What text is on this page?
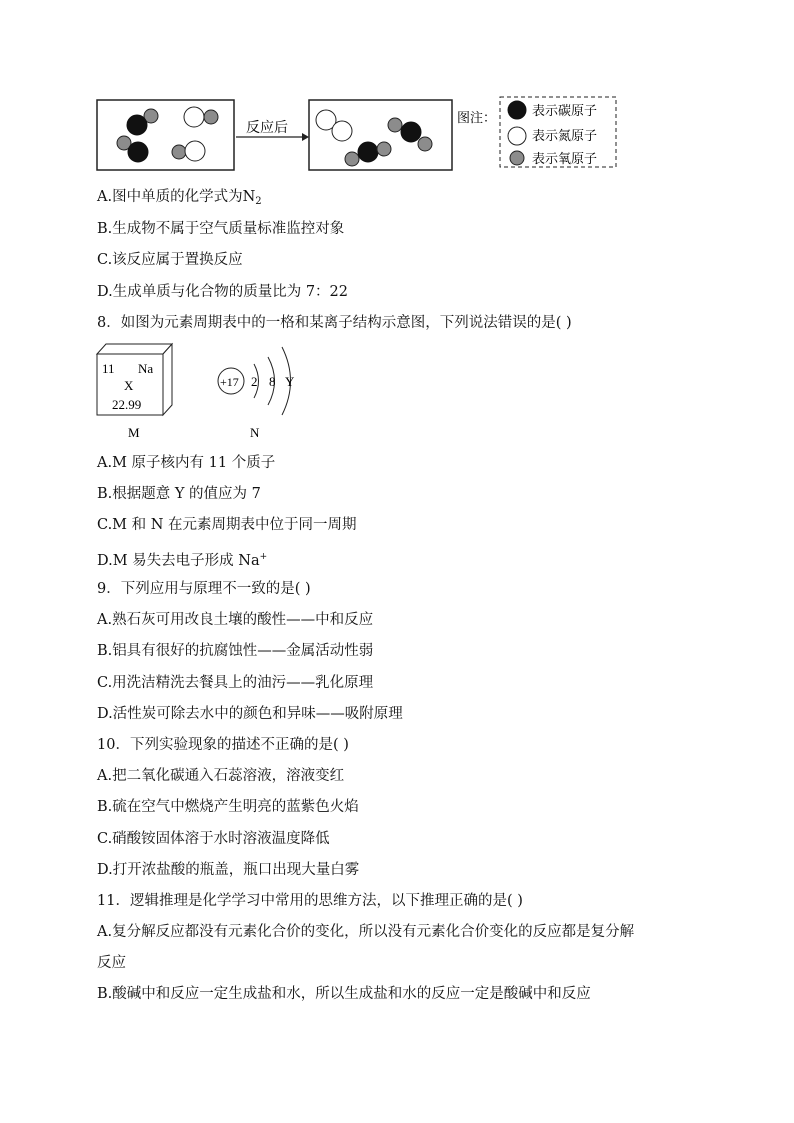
反应后
图注：	表示碳原子
表示氮原子
表示氧原子
A.图中单质的化学式为$N_2$
B.生成物不属于空气质量标准监控对象
C.该反应属于置换反应
D.生成单质与化合物的质量比为 7：22
8．如图为元素周期表中的一格和某离子结构示意图，下列说法错误的是( )
11 Na
X
22.99
M
+17 2 8 Y
N
A.M 原子核内有 11 个质子
B.根据题意 Y 的值应为 7
C.M 和 N 在元素周期表中位于同一周期
D.M 易失去电子形成 Na+
9．下列应用与原理不一致的是( )
A.熟石灰可用改良土壤的酸性——中和反应
B.铝具有很好的抗腐蚀性——金属活动性弱
C.用洗洁精洗去餐具上的油污——乳化原理
D.活性炭可除去水中的颜色和异味——吸附原理
10．下列实验现象的描述不正确的是( )
A.把二氧化碳通入石蕊溶液，溶液变红
B.硫在空气中燃烧产生明亮的蓝紫色火焰
C.硝酸铵固体溶于水时溶液温度降低
D.打开浓盐酸的瓶盖，瓶口出现大量白雾
11．逻辑推理是化学学习中常用的思维方法，以下推理正确的是( )
A.复分解反应都没有元素化合价的变化，所以没有元素化合价变化的反应都是复分解
反应
B.酸碱中和反应一定生成盐和水，所以生成盐和水的反应一定是酸碱中和反应
